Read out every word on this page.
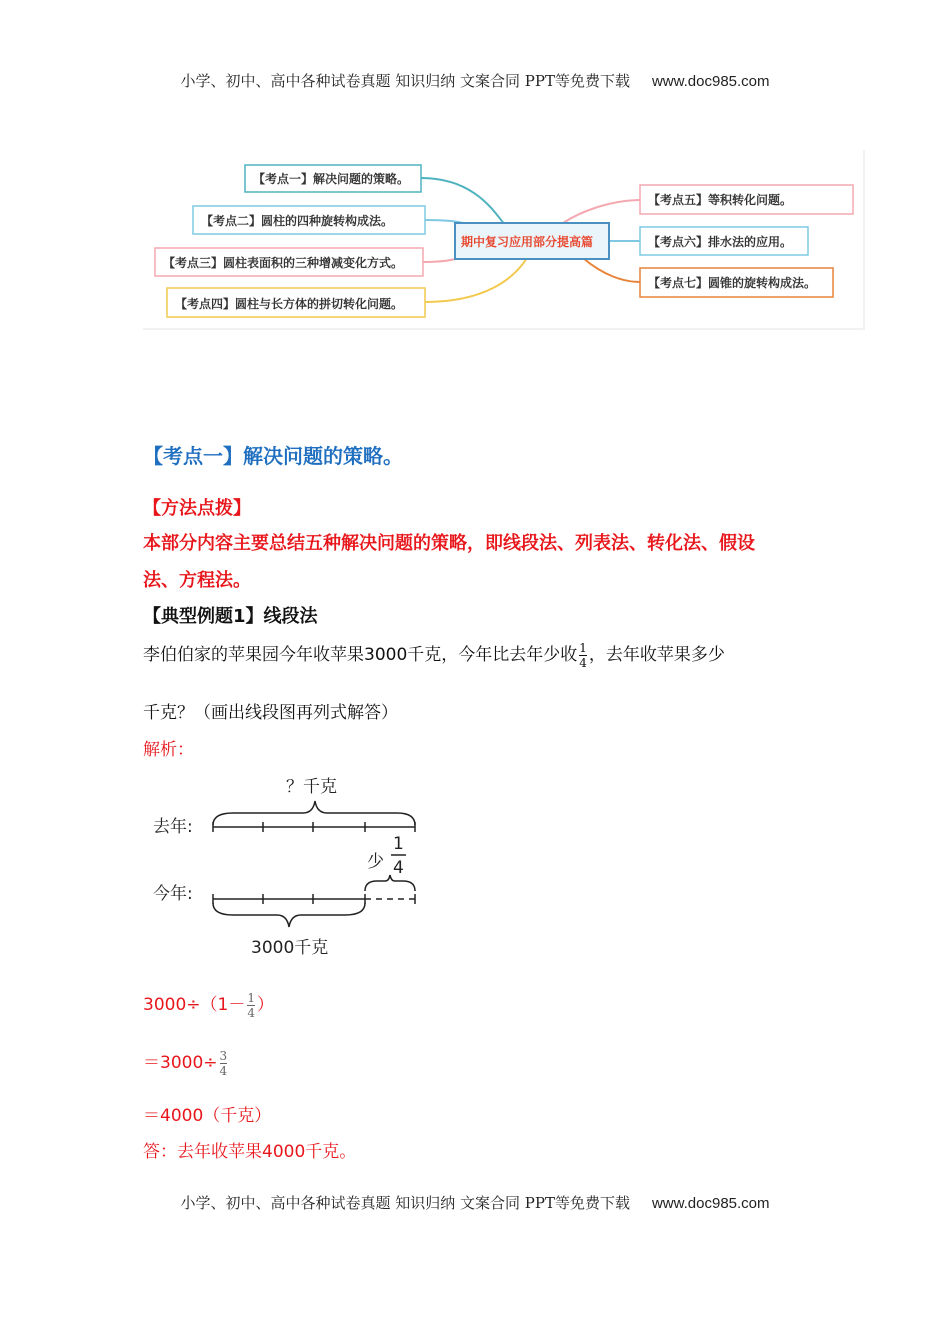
小学、初中、高中各种试卷真题 知识归纳 文案合同 PPT等免费下载 www.doc985.com
【考点一】解决问题的策略。
【考点二】圆柱的四种旋转构成法。
【考点三】圆柱表面积的三种增减变化方式。
【考点四】圆柱与长方体的拼切转化问题。
期中复习应用部分提高篇
【考点五】等积转化问题。
【考点六】排水法的应用。
【考点七】圆锥的旋转构成法。
【考点一】解决问题的策略。
【方法点拨】
本部分内容主要总结五种解决问题的策略，即线段法、列表法、转化法、假设
法、方程法。
【典型例题1】线段法
李伯伯家的苹果园今年收苹果3000千克，今年比去年少收 $\frac{1}{4}$ ，去年收苹果多少
千克？（画出线段图再列式解答）
解析：
？千克
去年:
少
1
4
今年:
3000千克
$3000\div(1- \frac{1}{4}$ ）
$=3000\div \frac{3}{4}$
＝4000（千克）
答：去年收苹果4000千克。
小学、初中、高中各种试卷真题 知识归纳 文案合同 PPT等免费下载 www.doc985.com
